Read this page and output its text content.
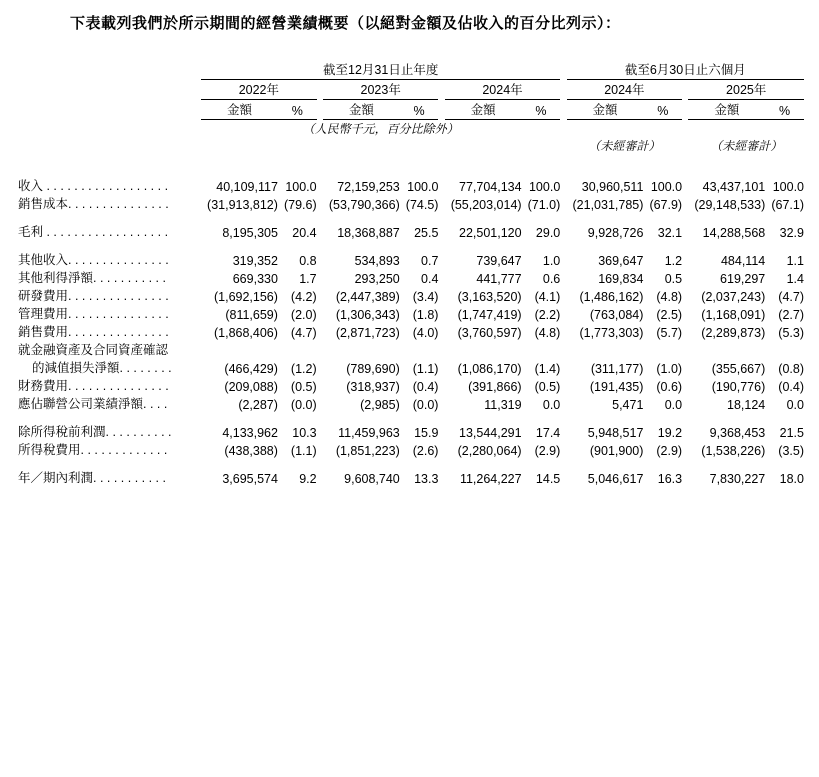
下表載列我們於所示期間的經營業績概要（以絕對金額及佔收入的百分比列示）：
	截至12月31日止年度									截至6月30日止六個月				

	2022年			2023年			2024年			2024年			2025年	

	金額	%		金額	%		金額	%		金額	%		金額	%

	（人民幣千元，百分比除外）													
										（未經審計）			（未經審計）	

收入 . . . . . . . . . . . . . . . . . .	40,109,117	100.0		72,159,253	100.0		77,704,134	100.0		30,960,511	100.0		43,437,101	100.0
銷售成本. . . . . . . . . . . . . . .	(31,913,812)	(79.6)		(53,790,366)	(74.5)		(55,203,014)	(71.0)		(21,031,785)	(67.9)		(29,148,533)	(67.1)

毛利 . . . . . . . . . . . . . . . . . .	8,195,305	20.4		18,368,887	25.5		22,501,120	29.0		9,928,726	32.1		14,288,568	32.9

其他收入. . . . . . . . . . . . . . .	319,352	0.8		534,893	0.7		739,647	1.0		369,647	1.2		484,114	1.1
其他利得淨額. . . . . . . . . . .	669,330	1.7		293,250	0.4		441,777	0.6		169,834	0.5		619,297	1.4
研發費用. . . . . . . . . . . . . . .	(1,692,156)	(4.2)		(2,447,389)	(3.4)		(3,163,520)	(4.1)		(1,486,162)	(4.8)		(2,037,243)	(4.7)
管理費用. . . . . . . . . . . . . . .	(811,659)	(2.0)		(1,306,343)	(1.8)		(1,747,419)	(2.2)		(763,084)	(2.5)		(1,168,091)	(2.7)
銷售費用. . . . . . . . . . . . . . .	(1,868,406)	(4.7)		(2,871,723)	(4.0)		(3,760,597)	(4.8)		(1,773,303)	(5.7)		(2,289,873)	(5.3)
就金融資產及合同資產確認														
的減值損失淨額. . . . . . . .	(466,429)	(1.2)		(789,690)	(1.1)		(1,086,170)	(1.4)		(311,177)	(1.0)		(355,667)	(0.8)
財務費用. . . . . . . . . . . . . . .	(209,088)	(0.5)		(318,937)	(0.4)		(391,866)	(0.5)		(191,435)	(0.6)		(190,776)	(0.4)
應佔聯營公司業績淨額. . . .	(2,287)	(0.0)		(2,985)	(0.0)		11,319	0.0		5,471	0.0		18,124	0.0

除所得稅前利潤. . . . . . . . . .	4,133,962	10.3		11,459,963	15.9		13,544,291	17.4		5,948,517	19.2		9,368,453	21.5
所得稅費用. . . . . . . . . . . . .	(438,388)	(1.1)		(1,851,223)	(2.6)		(2,280,064)	(2.9)		(901,900)	(2.9)		(1,538,226)	(3.5)

年／期內利潤. . . . . . . . . . .	3,695,574	9.2		9,608,740	13.3		11,264,227	14.5		5,046,617	16.3		7,830,227	18.0
